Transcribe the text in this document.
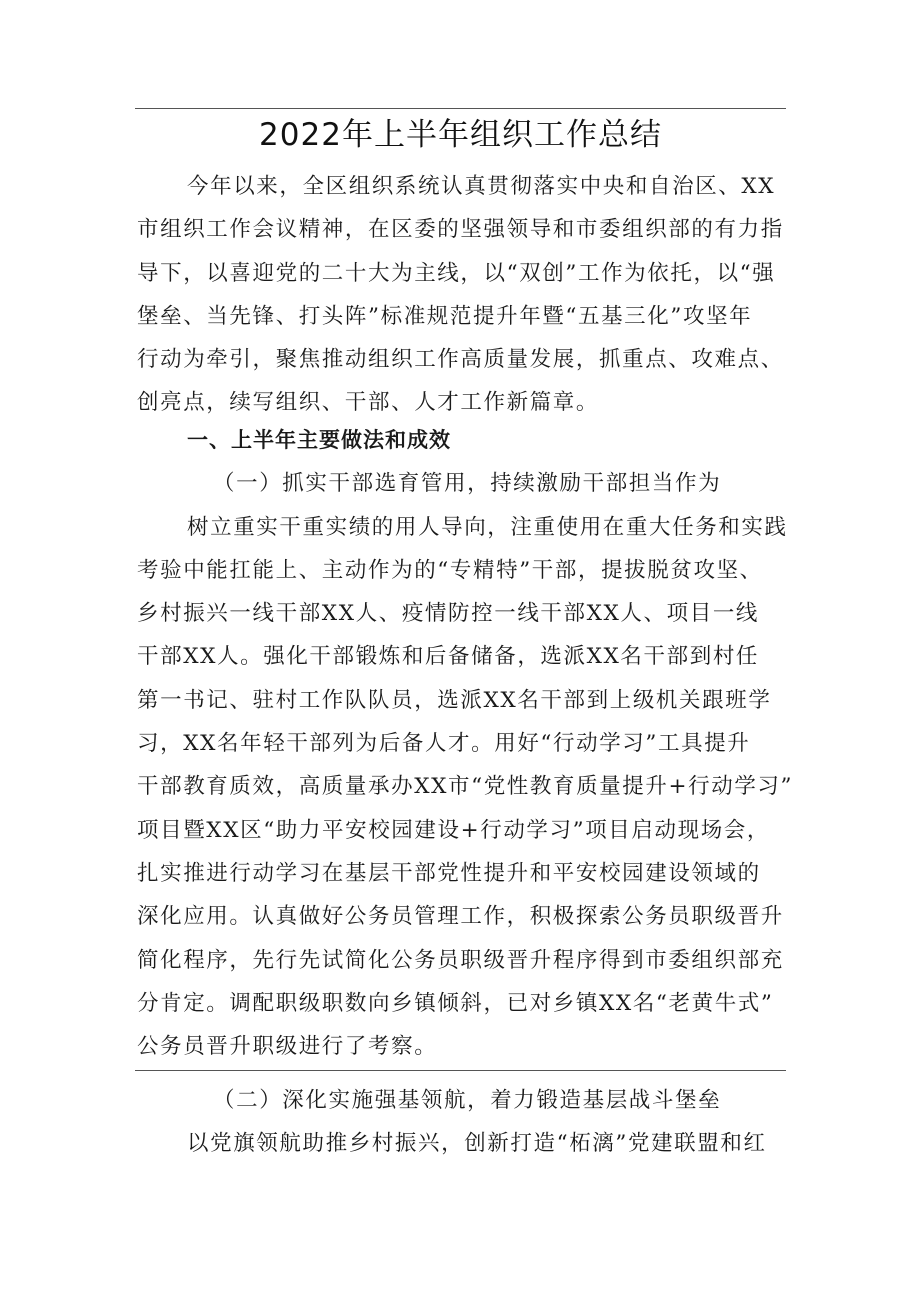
2022年上半年组织工作总结
今年以来，全区组织系统认真贯彻落实中央和自治区、XX
市组织工作会议精神，在区委的坚强领导和市委组织部的有力指
导下，以喜迎党的二十大为主线，以“双创”工作为依托，以“强
堡垒、当先锋、打头阵”标准规范提升年暨“五基三化”攻坚年
行动为牵引，聚焦推动组织工作高质量发展，抓重点、攻难点、
创亮点，续写组织、干部、人才工作新篇章。
一、上半年主要做法和成效
（一）抓实干部选育管用，持续激励干部担当作为
树立重实干重实绩的用人导向，注重使用在重大任务和实践
考验中能扛能上、主动作为的“专精特”干部，提拔脱贫攻坚、
乡村振兴一线干部XX人、疫情防控一线干部XX人、项目一线
干部XX人。强化干部锻炼和后备储备，选派XX名干部到村任
第一书记、驻村工作队队员，选派XX名干部到上级机关跟班学
习，XX名年轻干部列为后备人才。用好“行动学习”工具提升
干部教育质效，高质量承办XX市“党性教育质量提升+行动学习”
项目暨XX区“助力平安校园建设+行动学习”项目启动现场会，
扎实推进行动学习在基层干部党性提升和平安校园建设领域的
深化应用。认真做好公务员管理工作，积极探索公务员职级晋升
简化程序，先行先试简化公务员职级晋升程序得到市委组织部充
分肯定。调配职级职数向乡镇倾斜，已对乡镇XX名“老黄牛式”
公务员晋升职级进行了考察。
（二）深化实施强基领航，着力锻造基层战斗堡垒
以党旗领航助推乡村振兴，创新打造“柘漓”党建联盟和红
